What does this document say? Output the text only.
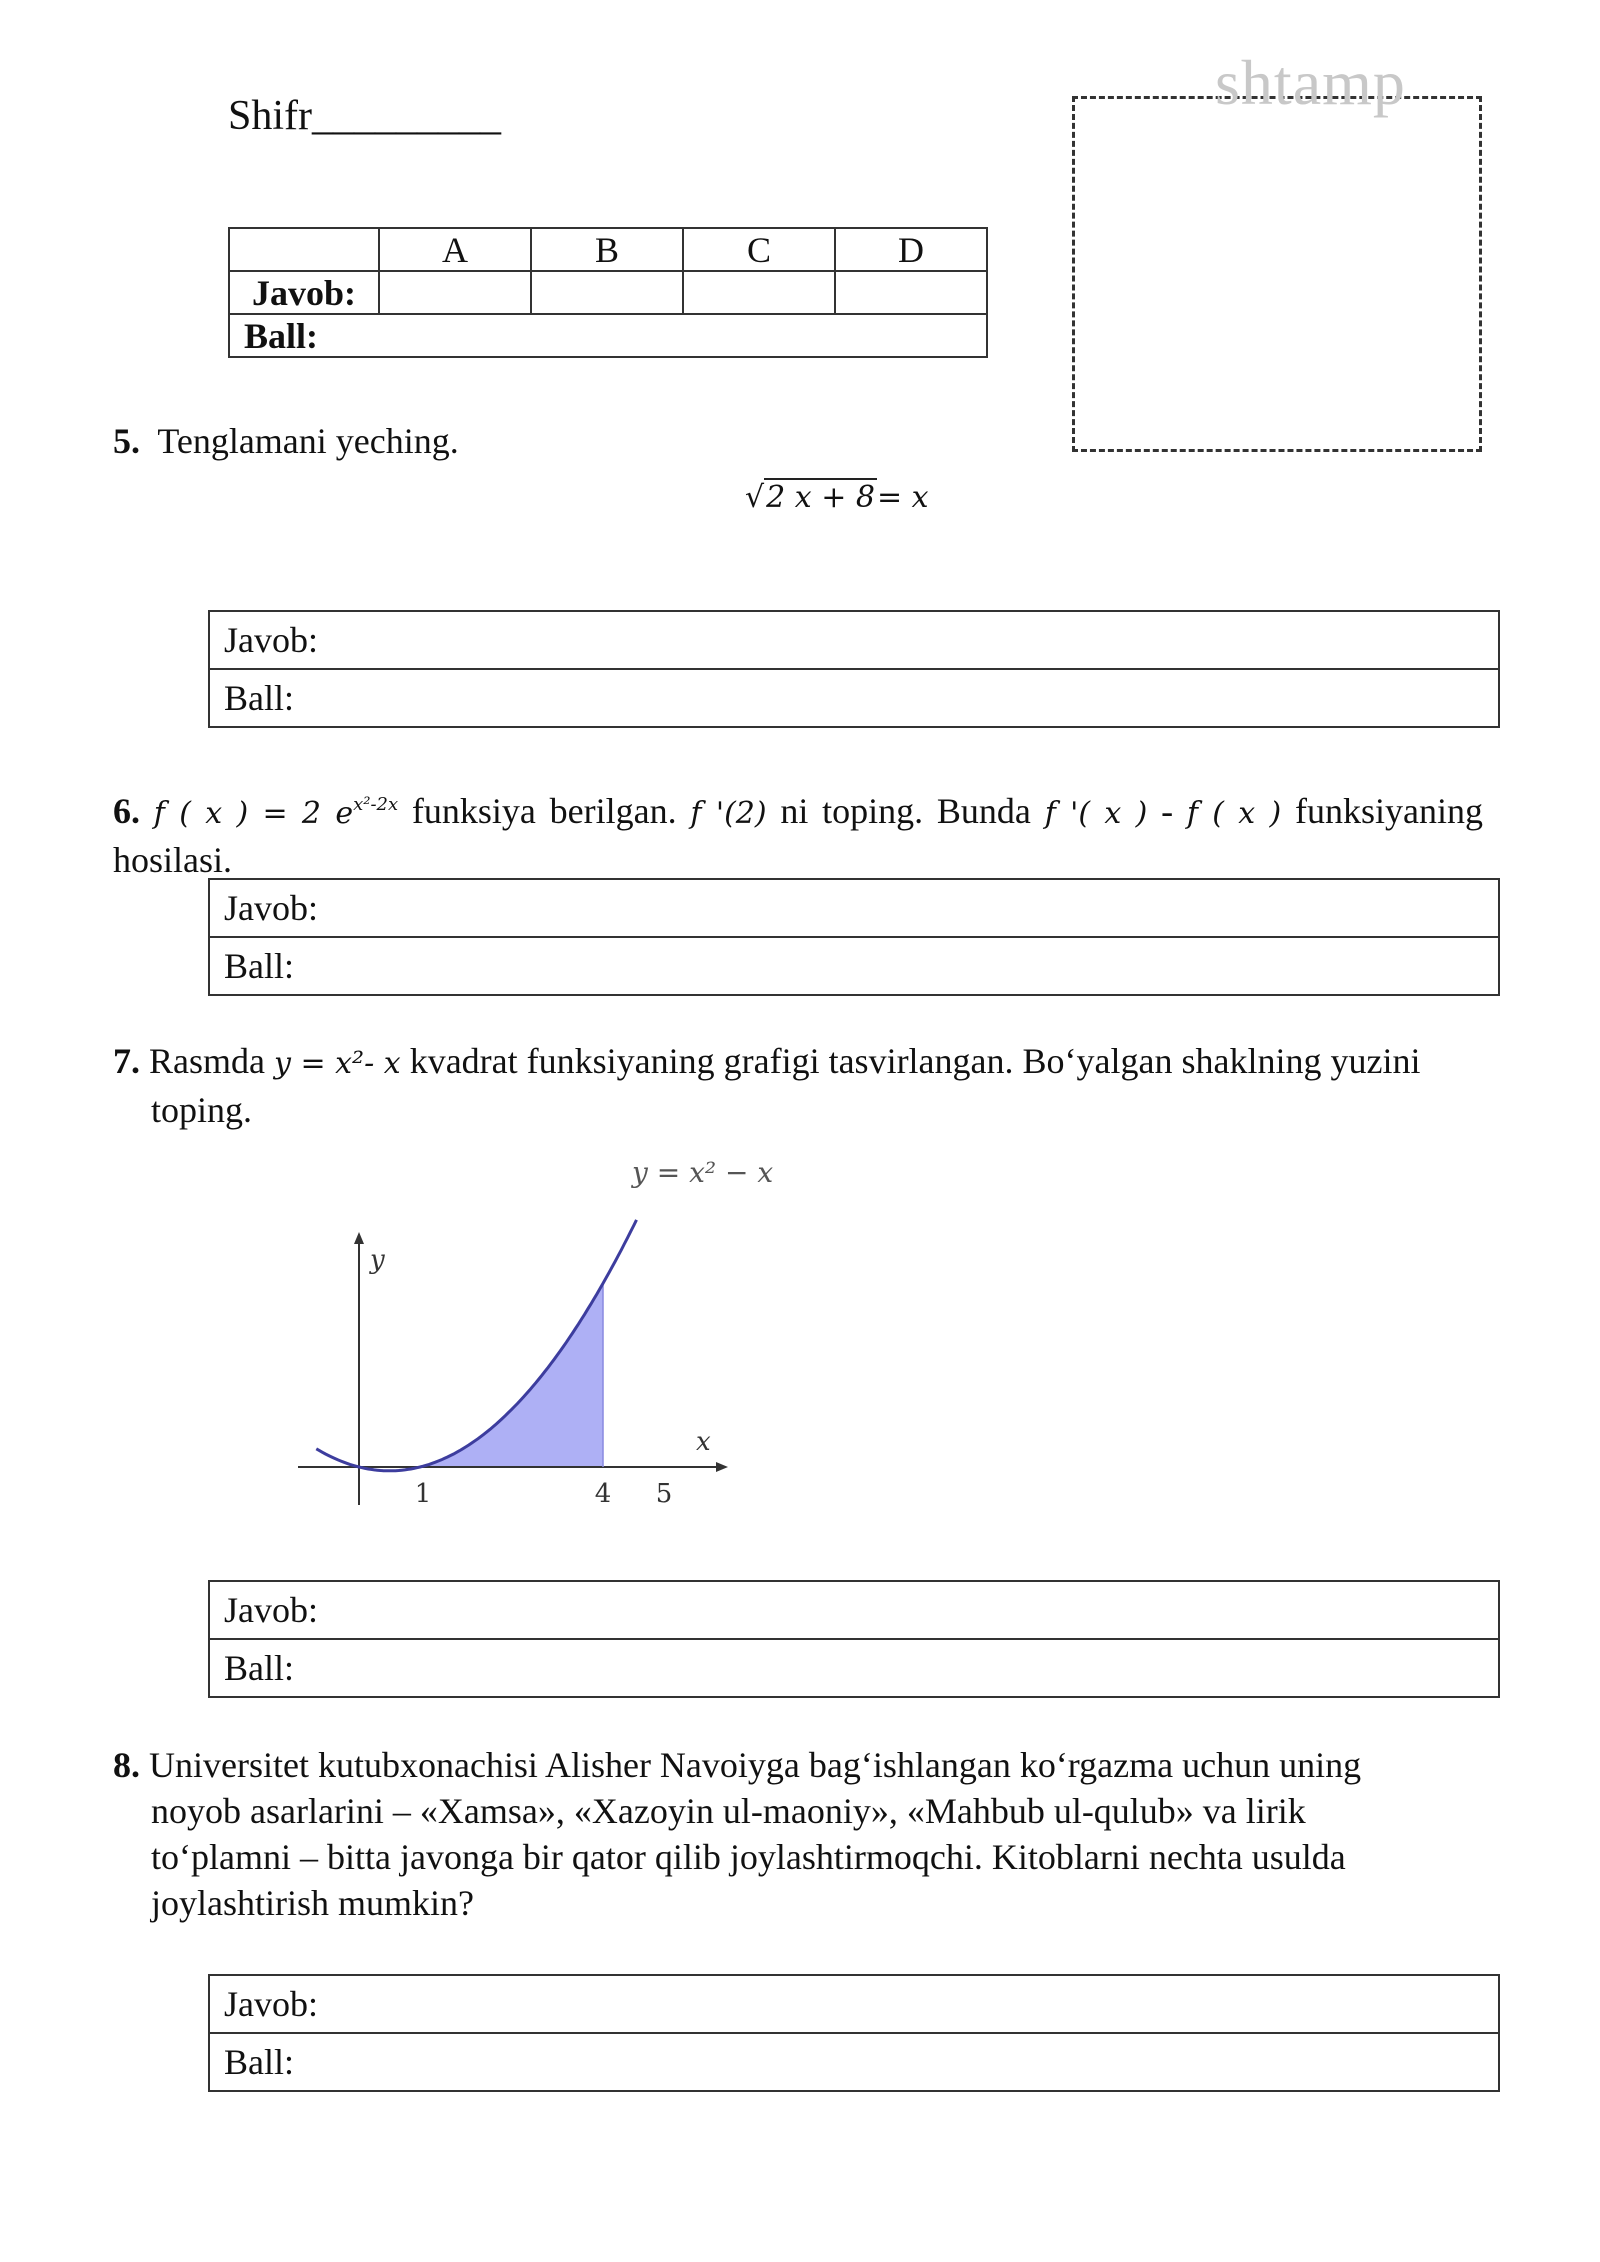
Shifr_________	shtamp
	A	B	C	D
Javob:				
Ball:				
5. Tenglamani yeching.
√2 x + 8= x
Javob:
Ball:
6. f ( x ) = 2 $e^{x^2-2x}$ funksiya berilgan. f '(2) ni toping. Bunda f '( x ) - f ( x ) funksiyaning hosilasi.
Javob:
Ball:
7. Rasmda y = x²- x kvadrat funksiyaning grafigi tasvirlangan. Bo‘yalgan shaklning yuzini
toping.
y = x² − x
y
x
1	4 5
Javob:
Ball:
8. Universitet kutubxonachisi Alisher Navoiyga bag‘ishlangan ko‘rgazma uchun uning
noyob asarlarini – «Xamsa», «Xazoyin ul-maoniy», «Mahbub ul-qulub» va lirik
to‘plamni – bitta javonga bir qator qilib joylashtirmoqchi. Kitoblarni nechta usulda
joylashtirish mumkin?
Javob:
Ball:
